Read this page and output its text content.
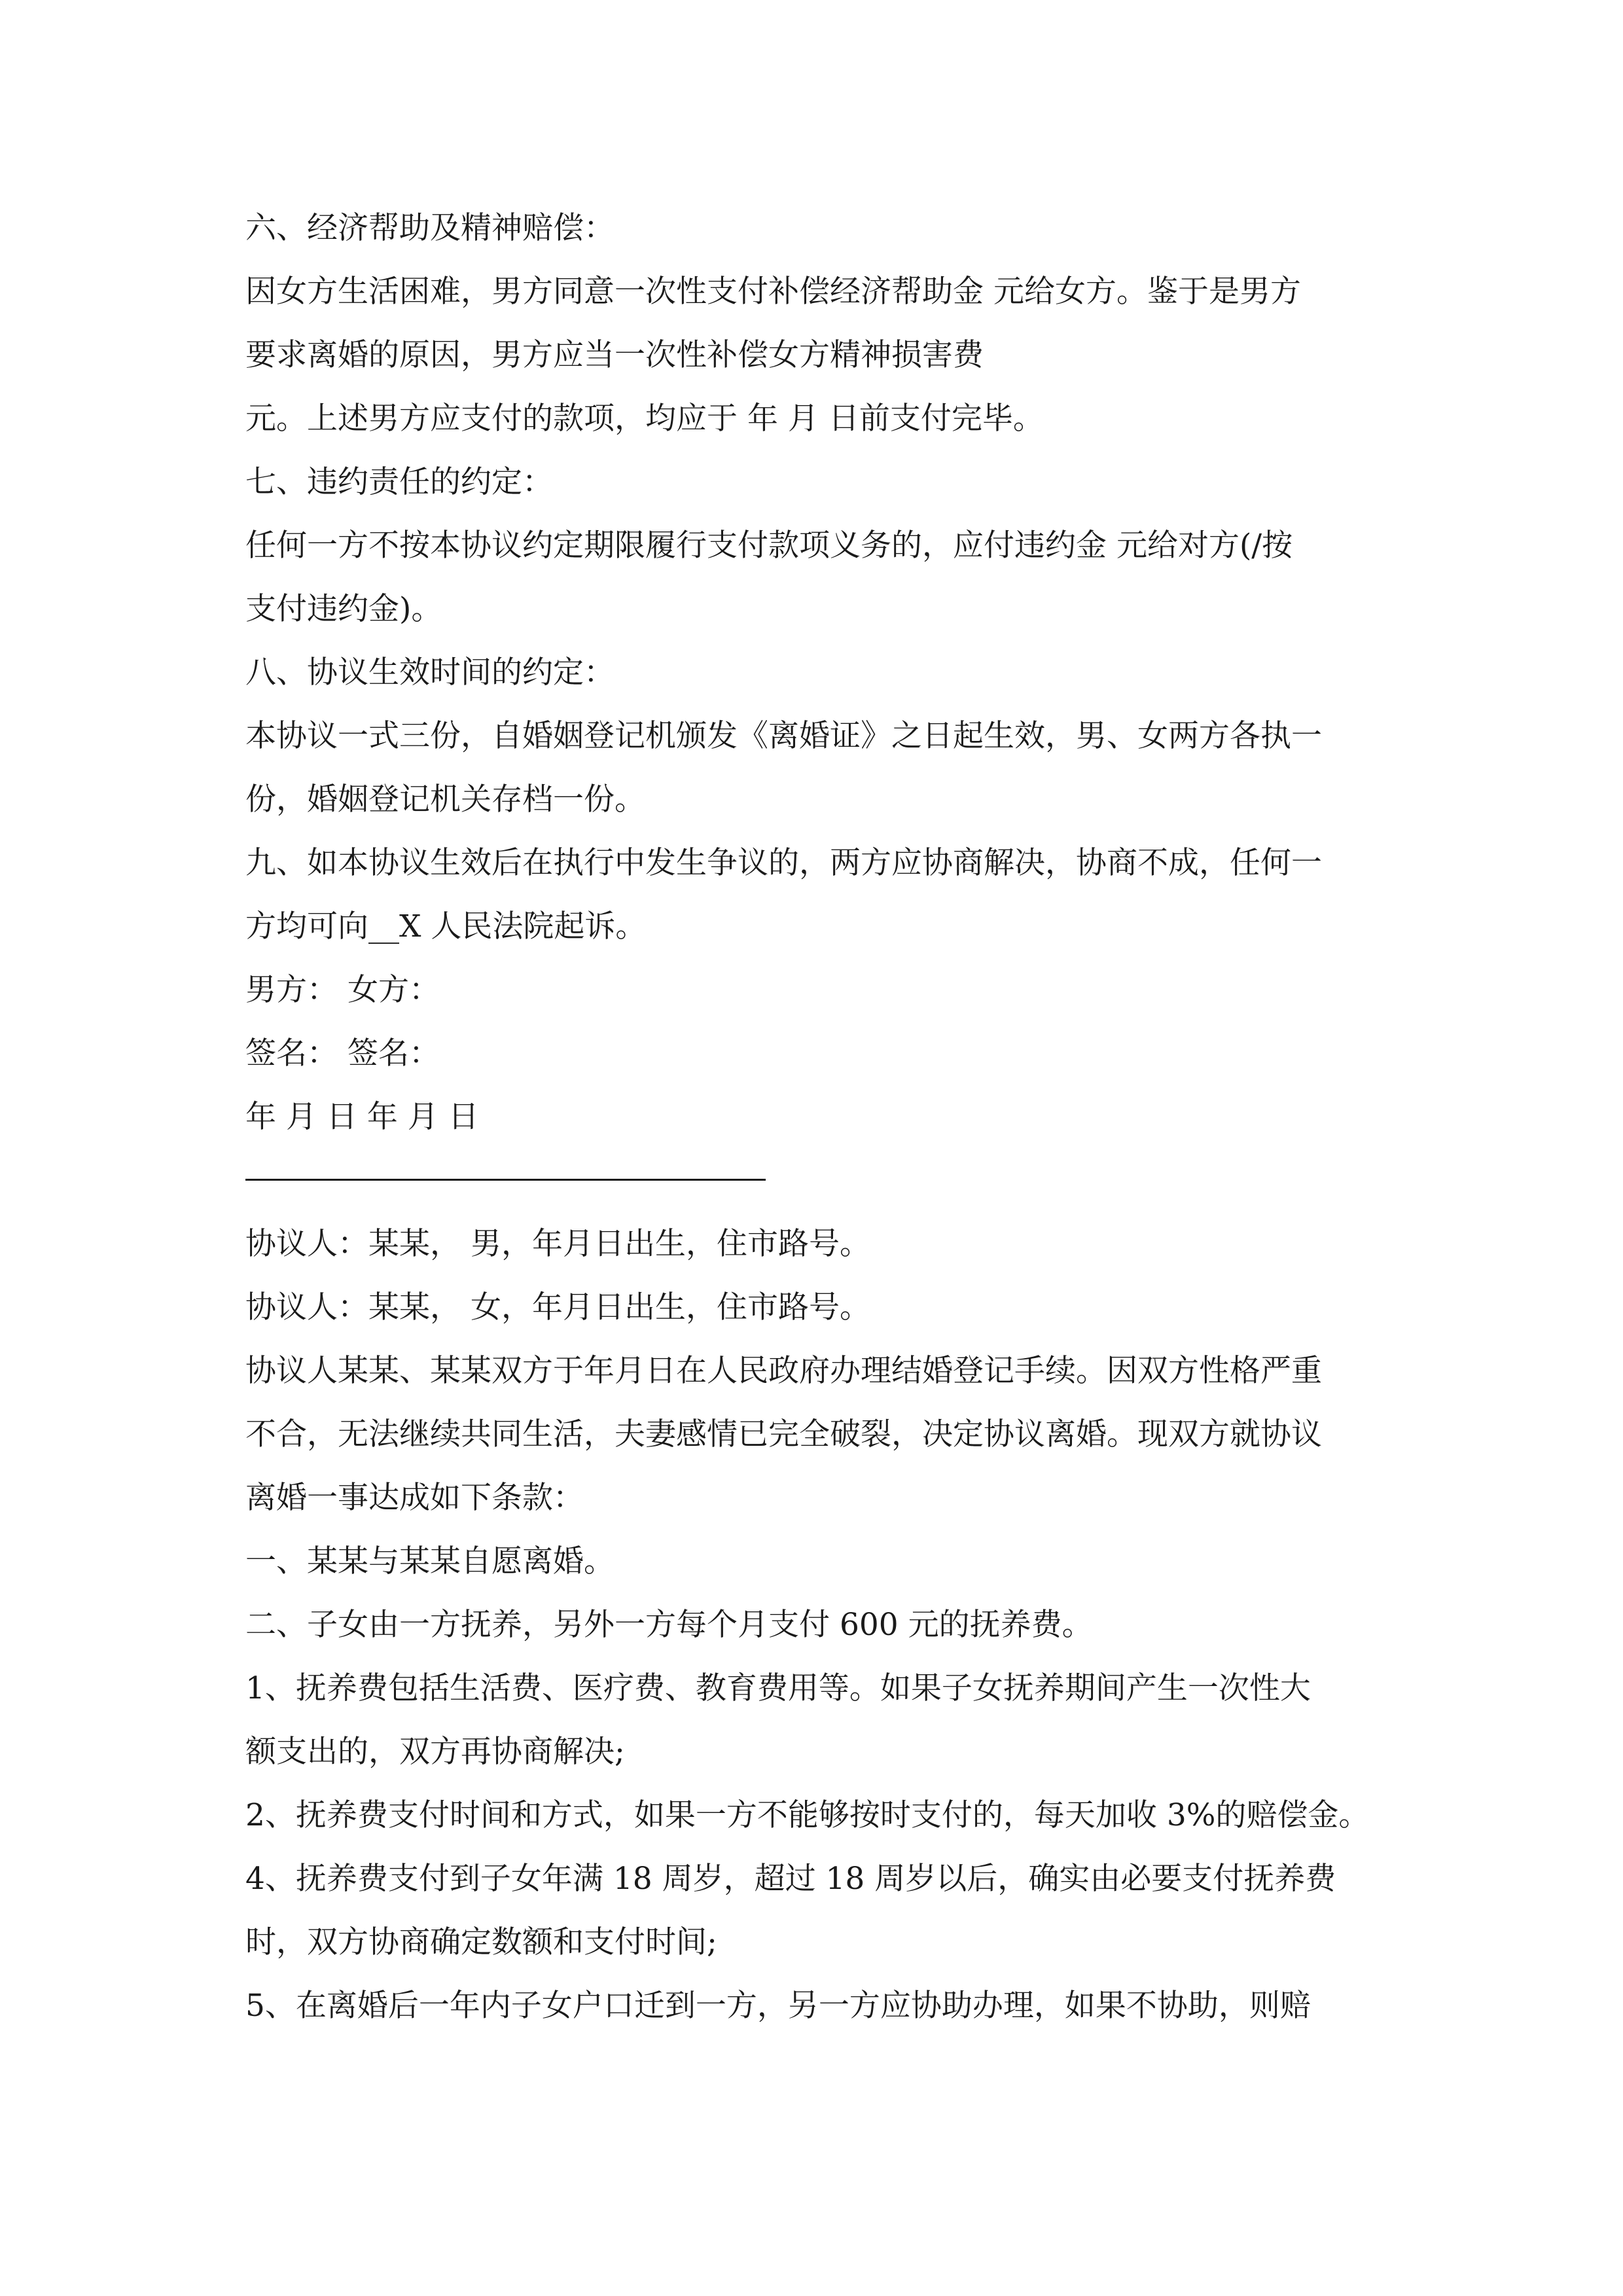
六、经济帮助及精神赔偿：
因女方生活困难，男方同意一次性支付补偿经济帮助金 元给女方。鉴于是男方
要求离婚的原因，男方应当一次性补偿女方精神损害费
元。上述男方应支付的款项，均应于 年 月 日前支付完毕。
七、违约责任的约定：
任何一方不按本协议约定期限履行支付款项义务的，应付违约金 元给对方(/按
支付违约金)。
八、协议生效时间的约定：
本协议一式三份，自婚姻登记机颁发《离婚证》之日起生效，男、女两方各执一
份，婚姻登记机关存档一份。
九、如本协议生效后在执行中发生争议的，两方应协商解决，协商不成，任何一
方均可向__X 人民法院起诉。
男方： 女方：
签名： 签名：
年 月 日 年 月 日
协议人：某某， 男，年月日出生，住市路号。
协议人：某某， 女，年月日出生，住市路号。
协议人某某、某某双方于年月日在人民政府办理结婚登记手续。因双方性格严重
不合，无法继续共同生活，夫妻感情已完全破裂，决定协议离婚。现双方就协议
离婚一事达成如下条款：
一、某某与某某自愿离婚。
二、子女由一方抚养，另外一方每个月支付 600 元的抚养费。
1、抚养费包括生活费、医疗费、教育费用等。如果子女抚养期间产生一次性大
额支出的，双方再协商解决;
2、抚养费支付时间和方式，如果一方不能够按时支付的，每天加收 3%的赔偿金。
4、抚养费支付到子女年满 18 周岁，超过 18 周岁以后，确实由必要支付抚养费
时，双方协商确定数额和支付时间;
5、在离婚后一年内子女户口迁到一方，另一方应协助办理，如果不协助，则赔
